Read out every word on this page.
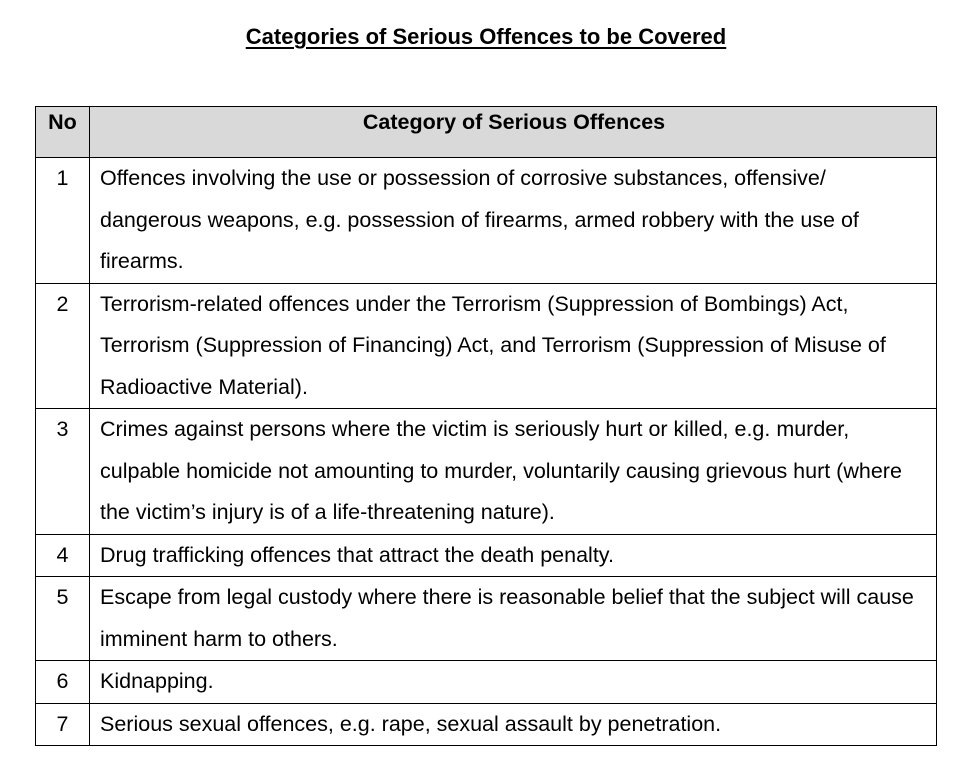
Categories of Serious Offences to be Covered
No	Category of Serious Offences
1	Offences involving the use or possession of corrosive substances, offensive/ dangerous weapons, e.g. possession of firearms, armed robbery with the use of firearms.
2	Terrorism-related offences under the Terrorism (Suppression of Bombings) Act, Terrorism (Suppression of Financing) Act, and Terrorism (Suppression of Misuse of Radioactive Material).
3	Crimes against persons where the victim is seriously hurt or killed, e.g. murder, culpable homicide not amounting to murder, voluntarily causing grievous hurt (where the victim’s injury is of a life-threatening nature).
4	Drug trafficking offences that attract the death penalty.
5	Escape from legal custody where there is reasonable belief that the subject will cause imminent harm to others.
6	Kidnapping.
7	Serious sexual offences, e.g. rape, sexual assault by penetration.
